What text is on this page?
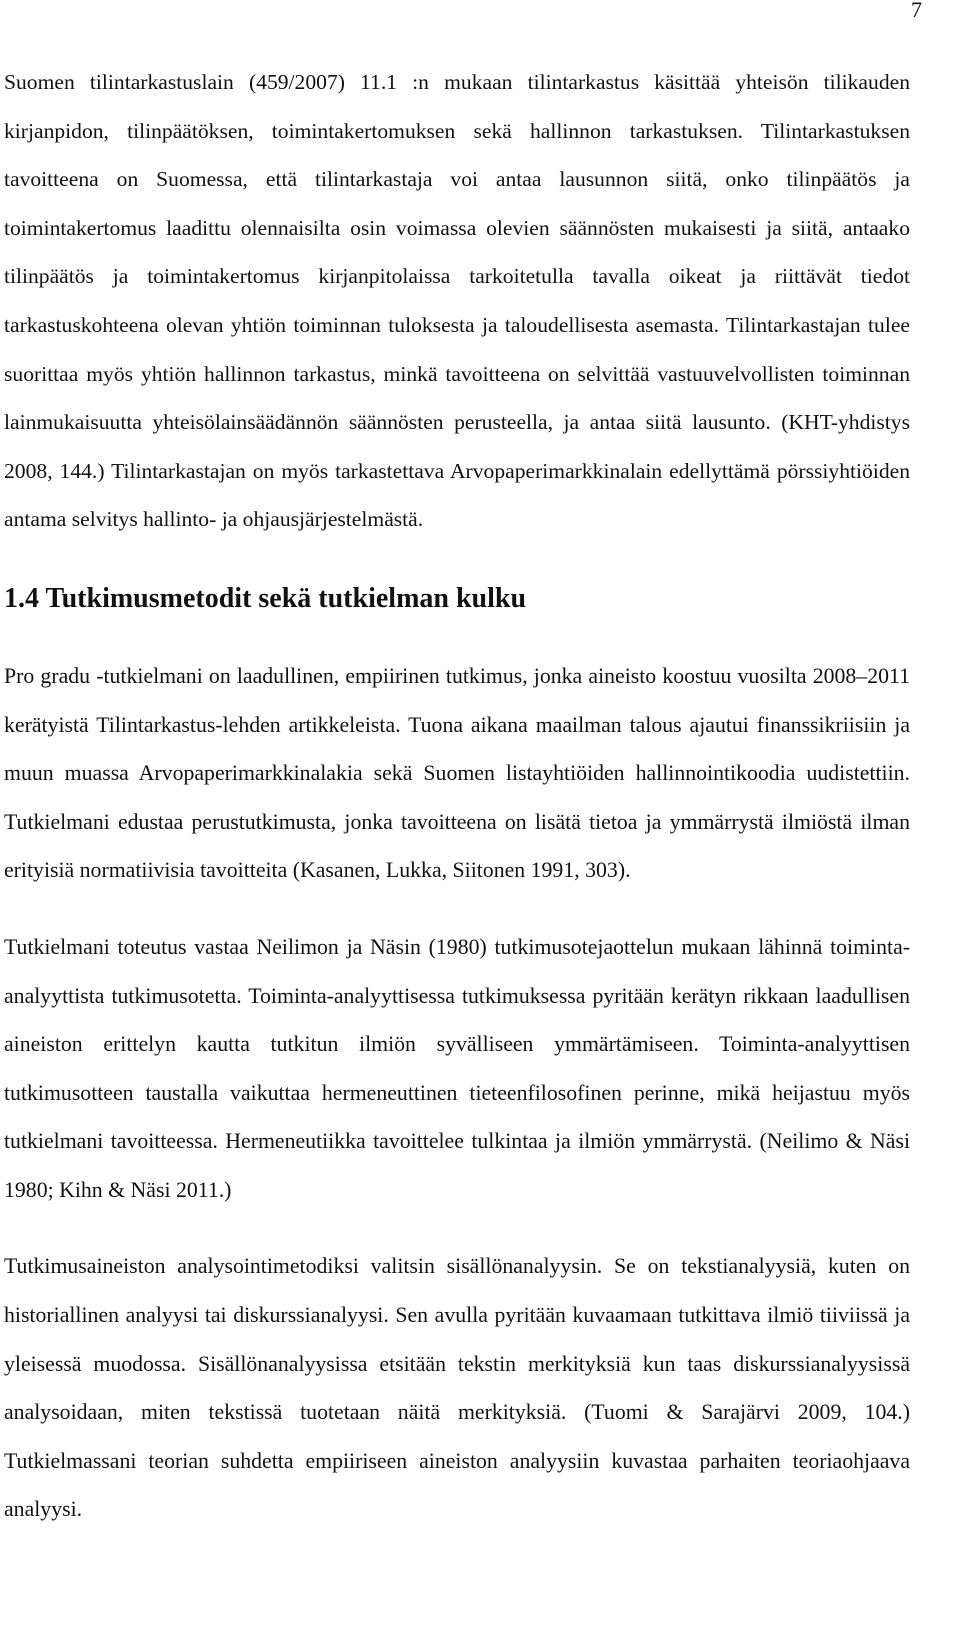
7

Suomen tilintarkastuslain (459/2007) 11.1 :n mukaan tilintarkastus käsittää yhteisön tilikauden kirjanpidon, tilinpäätöksen, toimintakertomuksen sekä hallinnon tarkastuksen. Tilintarkastuksen tavoitteena on Suomessa, että tilintarkastaja voi antaa lausunnon siitä, onko tilinpäätös ja toimintakertomus laadittu olennaisilta osin voimassa olevien säännösten mukaisesti ja siitä, antaako tilinpäätös ja toimintakertomus kirjanpitolaissa tarkoitetulla tavalla oikeat ja riittävät tiedot tarkastuskohteena olevan yhtiön toiminnan tuloksesta ja taloudellisesta asemasta. Tilintarkastajan tulee suorittaa myös yhtiön hallinnon tarkastus, minkä tavoitteena on selvittää vastuuvelvollisten toiminnan lainmukaisuutta yhteisölainsäädännön säännösten perusteella, ja antaa siitä lausunto. (KHT-yhdistys 2008, 144.) Tilintarkastajan on myös tarkastettava Arvopaperimarkkinalain edellyttämä pörssiyhtiöiden antama selvitys hallinto- ja ohjausjärjestelmästä.

1.4 Tutkimusmetodit sekä tutkielman kulku

Pro gradu -tutkielmani on laadullinen, empiirinen tutkimus, jonka aineisto koostuu vuosilta 2008–2011 kerätyistä Tilintarkastus-lehden artikkeleista. Tuona aikana maailman talous ajautui finanssikriisiin ja muun muassa Arvopaperimarkkinalakia sekä Suomen listayhtiöiden hallinnointikoodia uudistettiin. Tutkielmani edustaa perustutkimusta, jonka tavoitteena on lisätä tietoa ja ymmärrystä ilmiöstä ilman erityisiä normatiivisia tavoitteita (Kasanen, Lukka, Siitonen 1991, 303).

Tutkielmani toteutus vastaa Neilimon ja Näsin (1980) tutkimusotejaottelun mukaan lähinnä toiminta-analyyttista tutkimusotetta. Toiminta-analyyttisessa tutkimuksessa pyritään kerätyn rikkaan laadullisen aineiston erittelyn kautta tutkitun ilmiön syvälliseen ymmärtämiseen. Toiminta-analyyttisen tutkimusotteen taustalla vaikuttaa hermeneuttinen tieteenfilosofinen perinne, mikä heijastuu myös tutkielmani tavoitteessa. Hermeneutiikka tavoittelee tulkintaa ja ilmiön ymmärrystä. (Neilimo & Näsi 1980; Kihn & Näsi 2011.)

Tutkimusaineiston analysointimetodiksi valitsin sisällönanalyysin. Se on tekstianalyysiä, kuten on historiallinen analyysi tai diskurssianalyysi. Sen avulla pyritään kuvaamaan tutkittava ilmiö tiiviissä ja yleisessä muodossa. Sisällönanalyysissa etsitään tekstin merkityksiä kun taas diskurssianalyysissä analysoidaan, miten tekstissä tuotetaan näitä merkityksiä. (Tuomi & Sarajärvi 2009, 104.) Tutkielmassani teorian suhdetta empiiriseen aineiston analyysiin kuvastaa parhaiten teoriaohjaava analyysi.
